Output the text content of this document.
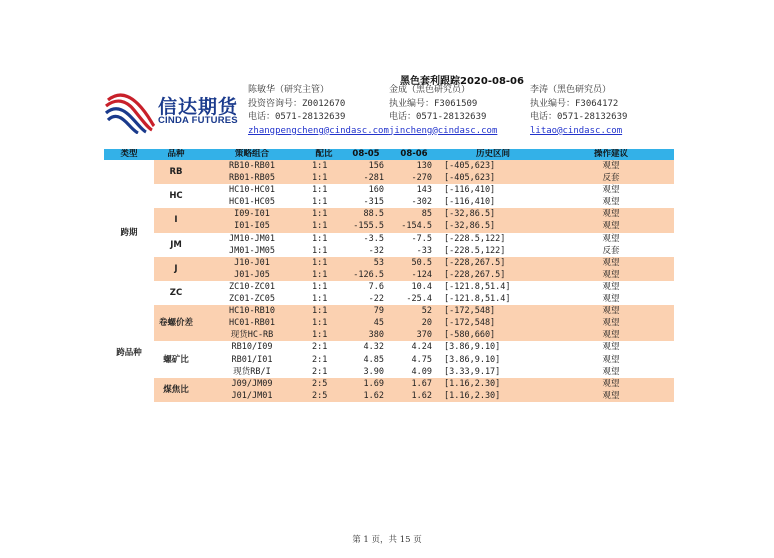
黑色套利跟踪2020-08-06
信达期货
CINDA FUTURES
陈敏华（研究主管）
投资咨询号：Z0012670
电话：0571-28132639
zhangpengcheng@cindasc.com
金成（黑色研究员）
执业编号：F3061509
电话：0571-28132639
jincheng@cindasc.com
李涛（黑色研究员）
执业编号：F3064172
电话：0571-28132639
litao@cindasc.com
类型	品种	策略组合	配比	08-05	08-06	历史区间	操作建议
跨期	RB	RB10-RB01	1:1	156	130	[-405,623]	观望
		RB01-RB05	1:1	-281	-270	[-405,623]	反套
	HC	HC10-HC01	1:1	160	143	[-116,410]	观望
		HC01-HC05	1:1	-315	-302	[-116,410]	观望
	I	I09-I01	1:1	88.5	85	[-32,86.5]	观望
		I01-I05	1:1	-155.5	-154.5	[-32,86.5]	观望
	JM	JM10-JM01	1:1	-3.5	-7.5	[-228.5,122]	观望
		JM01-JM05	1:1	-32	-33	[-228.5,122]	反套
	J	J10-J01	1:1	53	50.5	[-228,267.5]	观望
		J01-J05	1:1	-126.5	-124	[-228,267.5]	观望
	ZC	ZC10-ZC01	1:1	7.6	10.4	[-121.8,51.4]	观望
		ZC01-ZC05	1:1	-22	-25.4	[-121.8,51.4]	观望
跨品种	卷螺价差	HC10-RB10	1:1	79	52	[-172,548]	观望
		HC01-RB01	1:1	45	20	[-172,548]	观望
		现货HC-RB	1:1	380	370	[-580,660]	观望
	螺矿比	RB10/I09	2:1	4.32	4.24	[3.86,9.10]	观望
		RB01/I01	2:1	4.85	4.75	[3.86,9.10]	观望
		现货RB/I	2:1	3.90	4.09	[3.33,9.17]	观望
	煤焦比	J09/JM09	2:5	1.69	1.67	[1.16,2.30]	观望
		J01/JM01	2:5	1.62	1.62	[1.16,2.30]	观望
第 1 页，共 15 页
